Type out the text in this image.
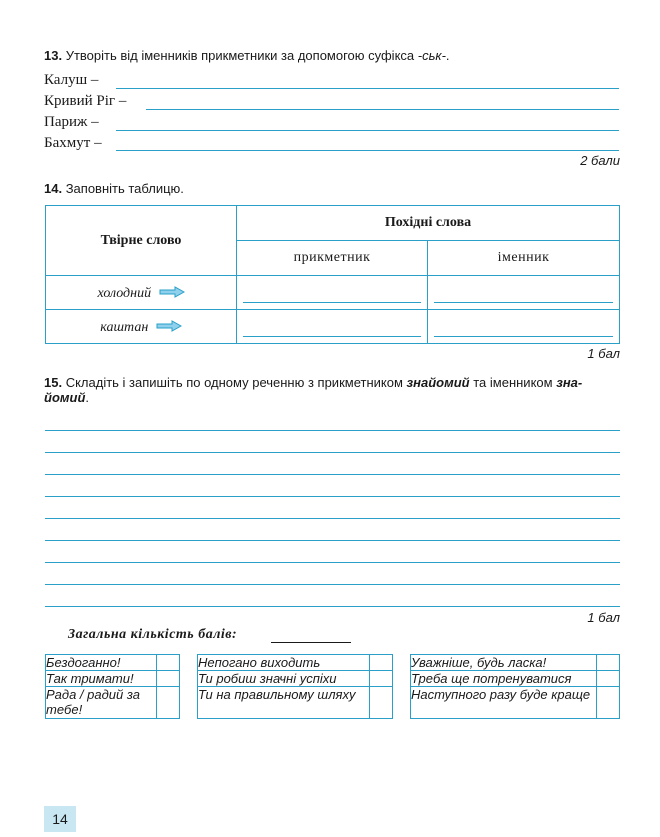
13. Утворіть від іменників прикметники за допомогою суфікса -ськ-.
Калуш –
Кривий Ріг –
Париж –
Бахмут –
2 бали
14. Заповніть таблицю.
Твірне слово	Похідні слова	
	прикметник	іменник
холодний	

каштан	

1 бал
15. Складіть і запишіть по одному реченню з прикметником знайомий та іменником зна-
йомий.
1 бал
Загальна кількість балів:
Бездоганно!	
Так тримати!	
Рада / радий за тебе!	
Непогано виходить	
Ти робиш значні успіхи	
Ти на правильному шляху	
Уважніше, будь ласка!	
Треба ще потренуватися	
Наступного разу буде краще	
14
